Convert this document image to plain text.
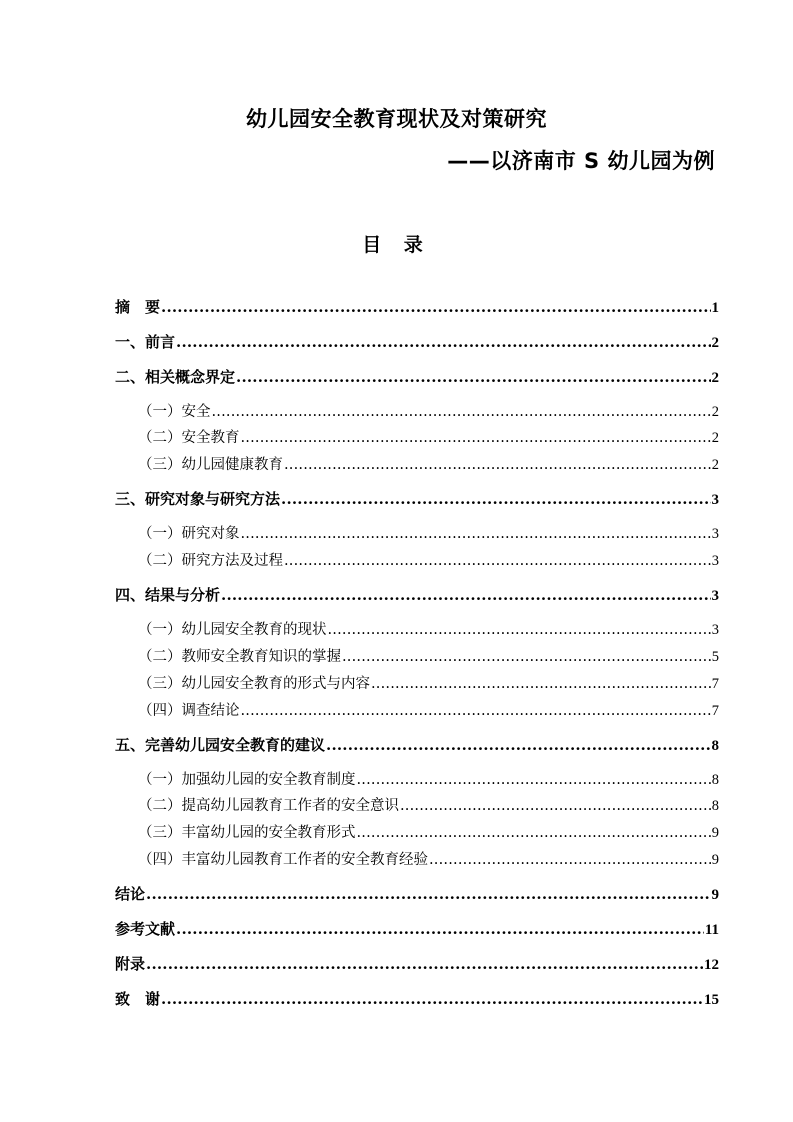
幼儿园安全教育现状及对策研究
——以济南市 S 幼儿园为例
目 录
摘　要 .....	1
一、前言 .....	2
二、相关概念界定 .....	2
（一）安全 .....	2
（二）安全教育 .....	2
（三）幼儿园健康教育 .....	2
三、研究对象与研究方法 .....	3
（一）研究对象 .....	3
（二）研究方法及过程 .....	3
四、结果与分析 .....	3
（一）幼儿园安全教育的现状 .....	3
（二）教师安全教育知识的掌握 .....	5
（三）幼儿园安全教育的形式与内容 .....	7
（四）调查结论 .....	7
五、完善幼儿园安全教育的建议 .....	8
（一）加强幼儿园的安全教育制度 .....	8
（二）提高幼儿园教育工作者的安全意识 .....	8
（三）丰富幼儿园的安全教育形式 .....	9
（四）丰富幼儿园教育工作者的安全教育经验 .....	9
结论 .....	9
参考文献 .....	11
附录 .....	12
致　谢 .....	15
